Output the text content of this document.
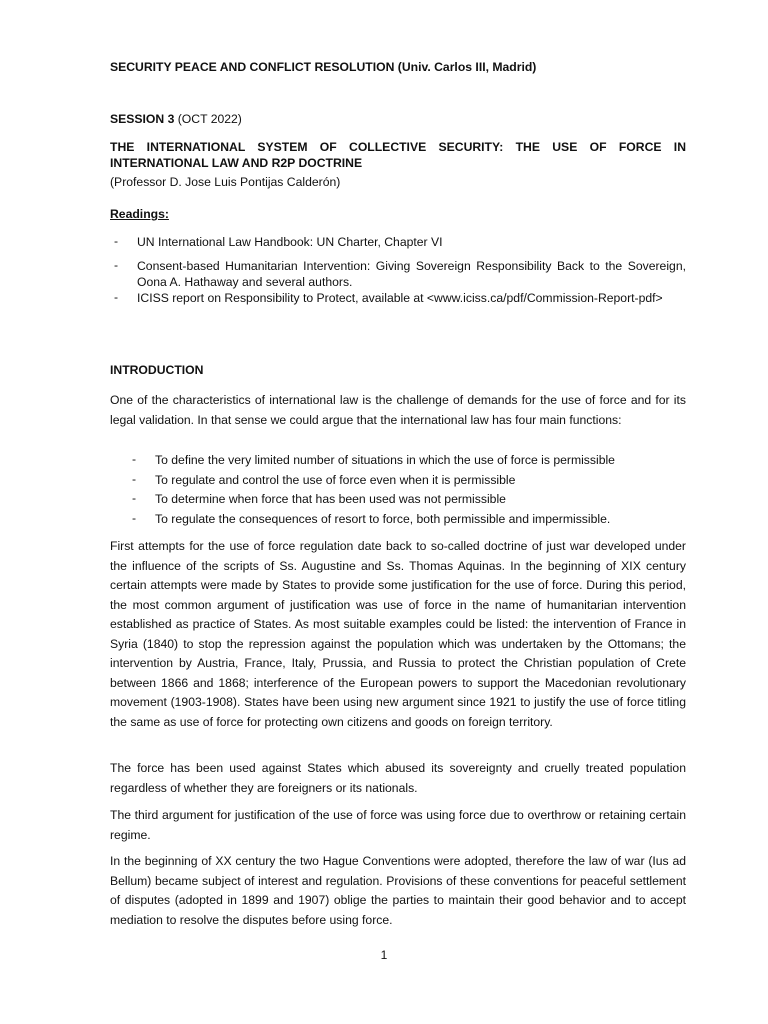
SECURITY PEACE AND CONFLICT RESOLUTION (Univ. Carlos III, Madrid)
SESSION 3 (OCT 2022)
THE INTERNATIONAL SYSTEM OF COLLECTIVE SECURITY: THE USE OF FORCE IN INTERNATIONAL LAW AND R2P DOCTRINE
(Professor D. Jose Luis Pontijas Calderón)
Readings:
- UN International Law Handbook: UN Charter, Chapter VI
- Consent-based Humanitarian Intervention: Giving Sovereign Responsibility Back to the Sovereign, Oona A. Hathaway and several authors.
- ICISS report on Responsibility to Protect, available at <www.iciss.ca/pdf/Commission-Report-pdf>
INTRODUCTION
One of the characteristics of international law is the challenge of demands for the use of force and for its legal validation. In that sense we could argue that the international law has four main functions:
- To define the very limited number of situations in which the use of force is permissible
- To regulate and control the use of force even when it is permissible
- To determine when force that has been used was not permissible
- To regulate the consequences of resort to force, both permissible and impermissible.
First attempts for the use of force regulation date back to so-called doctrine of just war developed under the influence of the scripts of Ss. Augustine and Ss. Thomas Aquinas. In the beginning of XIX century certain attempts were made by States to provide some justification for the use of force. During this period, the most common argument of justification was use of force in the name of humanitarian intervention established as practice of States. As most suitable examples could be listed: the intervention of France in Syria (1840) to stop the repression against the population which was undertaken by the Ottomans; the intervention by Austria, France, Italy, Prussia, and Russia to protect the Christian population of Crete between 1866 and 1868; interference of the European powers to support the Macedonian revolutionary movement (1903-1908). States have been using new argument since 1921 to justify the use of force titling the same as use of force for protecting own citizens and goods on foreign territory.
The force has been used against States which abused its sovereignty and cruelly treated population regardless of whether they are foreigners or its nationals.
The third argument for justification of the use of force was using force due to overthrow or retaining certain regime.
In the beginning of XX century the two Hague Conventions were adopted, therefore the law of war (Ius ad Bellum) became subject of interest and regulation. Provisions of these conventions for peaceful settlement of disputes (adopted in 1899 and 1907) oblige the parties to maintain their good behavior and to accept mediation to resolve the disputes before using force.
1
